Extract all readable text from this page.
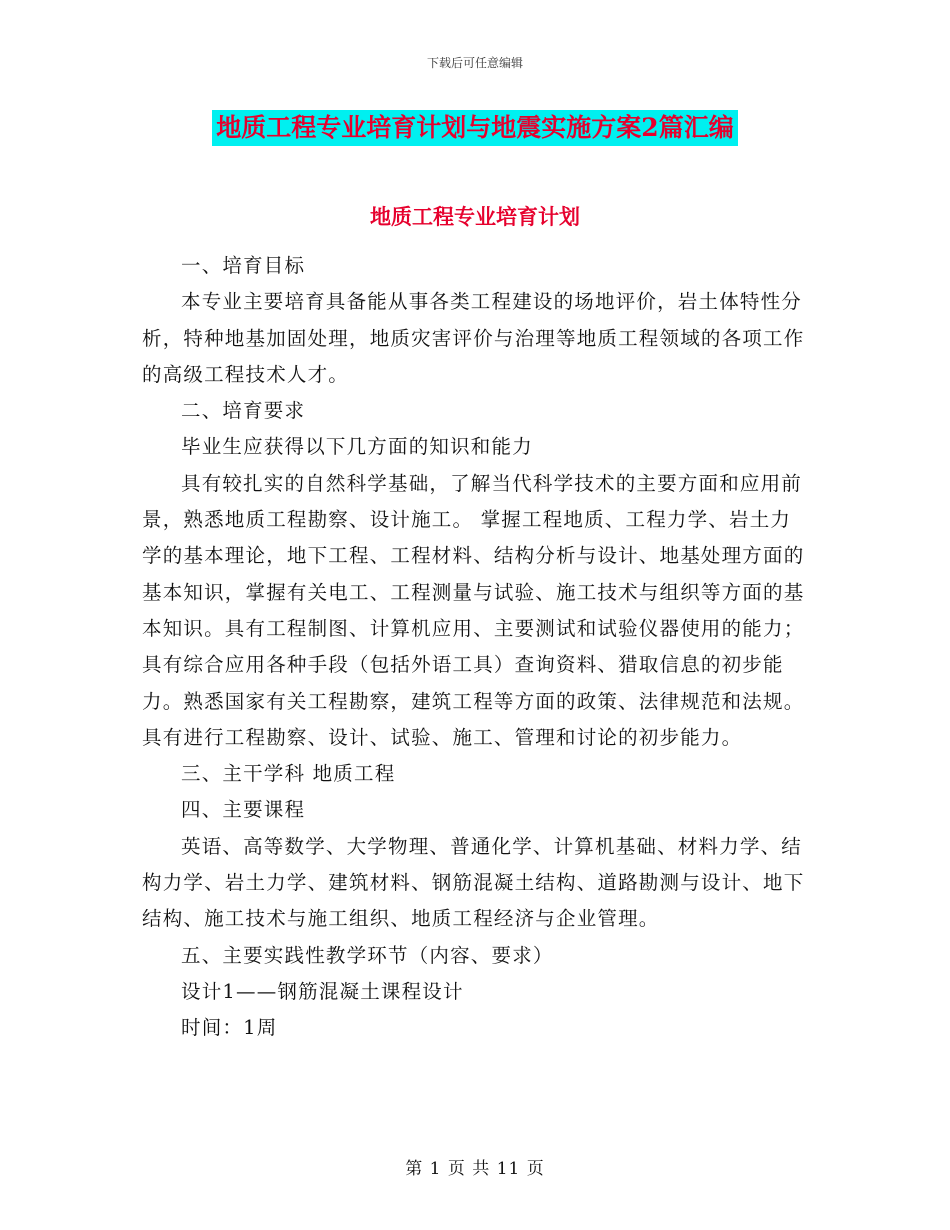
下载后可任意编辑
地质工程专业培育计划与地震实施方案2篇汇编
地质工程专业培育计划

一、培育目标

本专业主要培育具备能从事各类工程建设的场地评价，岩土体特性分析，特种地基加固处理，地质灾害评价与治理等地质工程领域的各项工作的高级工程技术人才。

二、培育要求

毕业生应获得以下几方面的知识和能力

具有较扎实的自然科学基础，了解当代科学技术的主要方面和应用前景，熟悉地质工程勘察、设计施工。 掌握工程地质、工程力学、岩土力学的基本理论，地下工程、工程材料、结构分析与设计、地基处理方面的基本知识，掌握有关电工、工程测量与试验、施工技术与组织等方面的基本知识。具有工程制图、计算机应用、主要测试和试验仪器使用的能力；具有综合应用各种手段（包括外语工具）查询资料、猎取信息的初步能力。熟悉国家有关工程勘察，建筑工程等方面的政策、法律规范和法规。具有进行工程勘察、设计、试验、施工、管理和讨论的初步能力。

三、主干学科 地质工程

四、主要课程

英语、高等数学、大学物理、普通化学、计算机基础、材料力学、结构力学、岩土力学、建筑材料、钢筋混凝土结构、道路勘测与设计、地下结构、施工技术与施工组织、地质工程经济与企业管理。

五、主要实践性教学环节（内容、要求）

设计1——钢筋混凝土课程设计

时间：1周

第 1 页 共 11 页
